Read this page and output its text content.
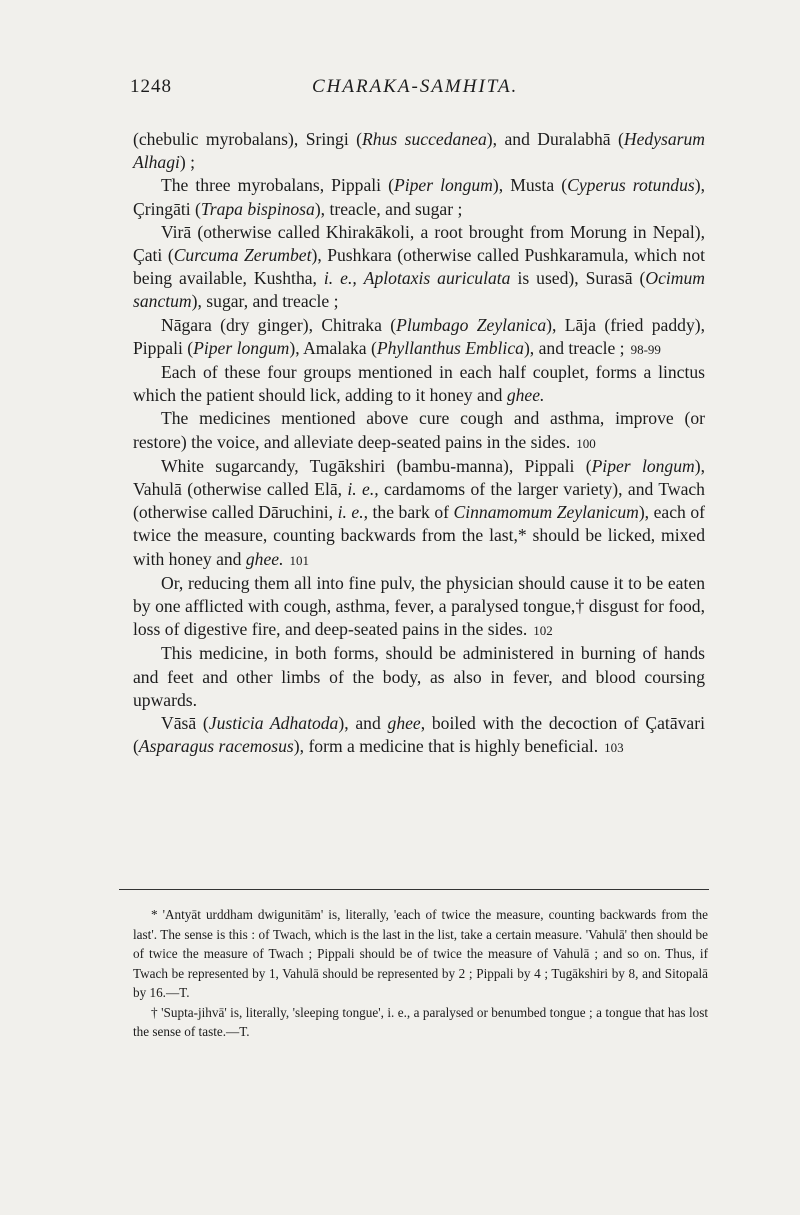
1248	CHARAKA-SAMHITA.

(chebulic myrobalans), Sringi (Rhus succedanea), and Duralabhā (Hedysarum Alhagi) ;

The three myrobalans, Pippali (Piper longum), Musta (Cyperus rotundus), Çringāti (Trapa bispinosa), treacle, and sugar ;

Virā (otherwise called Khirakākoli, a root brought from Morung in Nepal), Çati (Curcuma Zerumbet), Pushkara (otherwise called Pushkaramula, which not being available, Kushtha, i. e., Aplotaxis auriculata is used), Surasā (Ocimum sanctum), sugar, and treacle ;

Nāgara (dry ginger), Chitraka (Plumbago Zeylanica), Lāja (fried paddy), Pippali (Piper longum), Amalaka (Phyllanthus Emblica), and treacle ; 98-99

Each of these four groups mentioned in each half couplet, forms a linctus which the patient should lick, adding to it honey and ghee.

The medicines mentioned above cure cough and asthma, improve (or restore) the voice, and alleviate deep-seated pains in the sides. 100

White sugarcandy, Tugākshiri (bambu-manna), Pippali (Piper longum), Vahulā (otherwise called Elā, i. e., cardamoms of the larger variety), and Twach (otherwise called Dāruchini, i. e., the bark of Cinnamomum Zeylanicum), each of twice the measure, counting backwards from the last,* should be licked, mixed with honey and ghee. 101

Or, reducing them all into fine pulv, the physician should cause it to be eaten by one afflicted with cough, asthma, fever, a paralysed tongue,† disgust for food, loss of digestive fire, and deep-seated pains in the sides. 102

This medicine, in both forms, should be administered in burning of hands and feet and other limbs of the body, as also in fever, and blood coursing upwards.

Vāsā (Justicia Adhatoda), and ghee, boiled with the decoction of Çatāvari (Asparagus racemosus), form a medicine that is highly beneficial. 103

* 'Antyāt urddham dwigunitām' is, literally, 'each of twice the measure, counting backwards from the last'. The sense is this : of Twach, which is the last in the list, take a certain measure. 'Vahulā' then should be of twice the measure of Twach ; Pippali should be of twice the measure of Vahulā ; and so on. Thus, if Twach be represented by 1, Vahulā should be represented by 2 ; Pippali by 4 ; Tugākshiri by 8, and Sitopalā by 16.—T.

† 'Supta-jihvā' is, literally, 'sleeping tongue', i. e., a paralysed or benumbed tongue ; a tongue that has lost the sense of taste.—T.
